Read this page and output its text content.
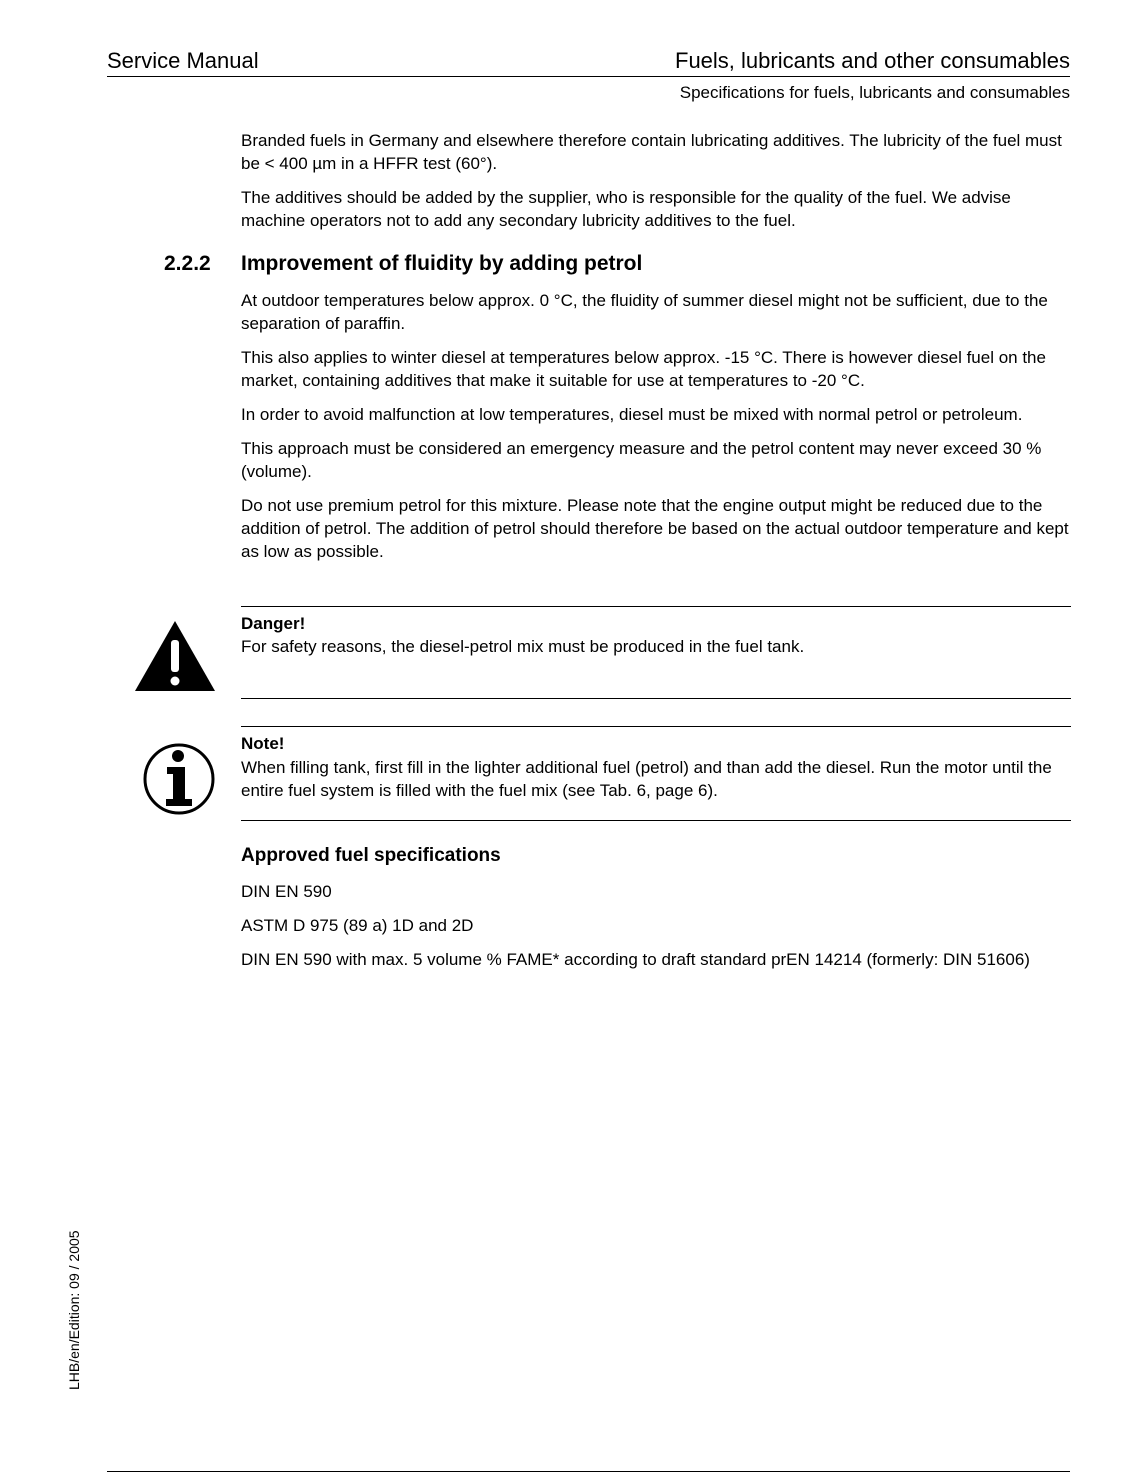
Service Manual	Fuels, lubricants and other consumables
Specifications for fuels, lubricants and consumables

Branded fuels in Germany and elsewhere therefore contain lubricating additives. The lubricity of the fuel must be < 400 µm in a HFFR test (60°).

The additives should be added by the supplier, who is responsible for the quality of the fuel. We advise machine operators not to add any secondary lubricity additives to the fuel.

2.2.2 Improvement of fluidity by adding petrol

At outdoor temperatures below approx. 0 °C, the fluidity of summer diesel might not be sufficient, due to the separation of paraffin.

This also applies to winter diesel at temperatures below approx. -15 °C. There is however diesel fuel on the market, containing additives that make it suitable for use at temperatures to -20 °C.

In order to avoid malfunction at low temperatures, diesel must be mixed with normal petrol or petroleum.

This approach must be considered an emergency measure and the petrol content may never exceed 30 % (volume).

Do not use premium petrol for this mixture. Please note that the engine output might be reduced due to the addition of petrol. The addition of petrol should therefore be based on the actual outdoor temperature and kept as low as possible.

Danger!
For safety reasons, the diesel-petrol mix must be produced in the fuel tank.
Note!
When filling tank, first fill in the lighter additional fuel (petrol) and than add the diesel. Run the motor until the entire fuel system is filled with the fuel mix (see Tab. 6, page 6).
Approved fuel specifications
DIN EN 590
ASTM D 975 (89 a) 1D and 2D
DIN EN 590 with max. 5 volume % FAME* according to draft standard prEN 14214 (formerly: DIN 51606)
LHB/en/Edition: 09 / 2005
